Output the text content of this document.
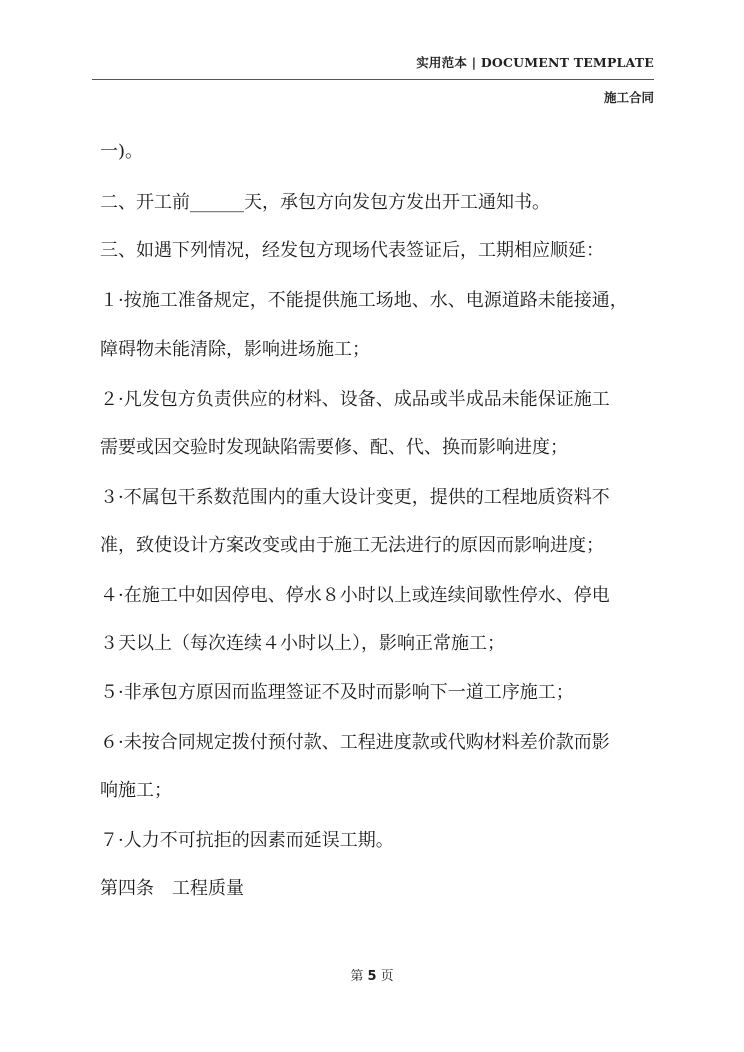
实用范本 | DOCUMENT TEMPLATE
施工合同
一)。
二、开工前______天，承包方向发包方发出开工通知书。
三、如遇下列情况，经发包方现场代表签证后，工期相应顺延：
１·按施工准备规定，不能提供施工场地、水、电源道路未能接通，
障碍物未能清除，影响进场施工；
２·凡发包方负责供应的材料、设备、成品或半成品未能保证施工
需要或因交验时发现缺陷需要修、配、代、换而影响进度；
３·不属包干系数范围内的重大设计变更，提供的工程地质资料不
准，致使设计方案改变或由于施工无法进行的原因而影响进度；
４·在施工中如因停电、停水８小时以上或连续间歇性停水、停电
３天以上（每次连续４小时以上），影响正常施工；
５·非承包方原因而监理签证不及时而影响下一道工序施工；
６·未按合同规定拨付预付款、工程进度款或代购材料差价款而影
响施工；
７·人力不可抗拒的因素而延误工期。
第四条　工程质量
第 5 页
